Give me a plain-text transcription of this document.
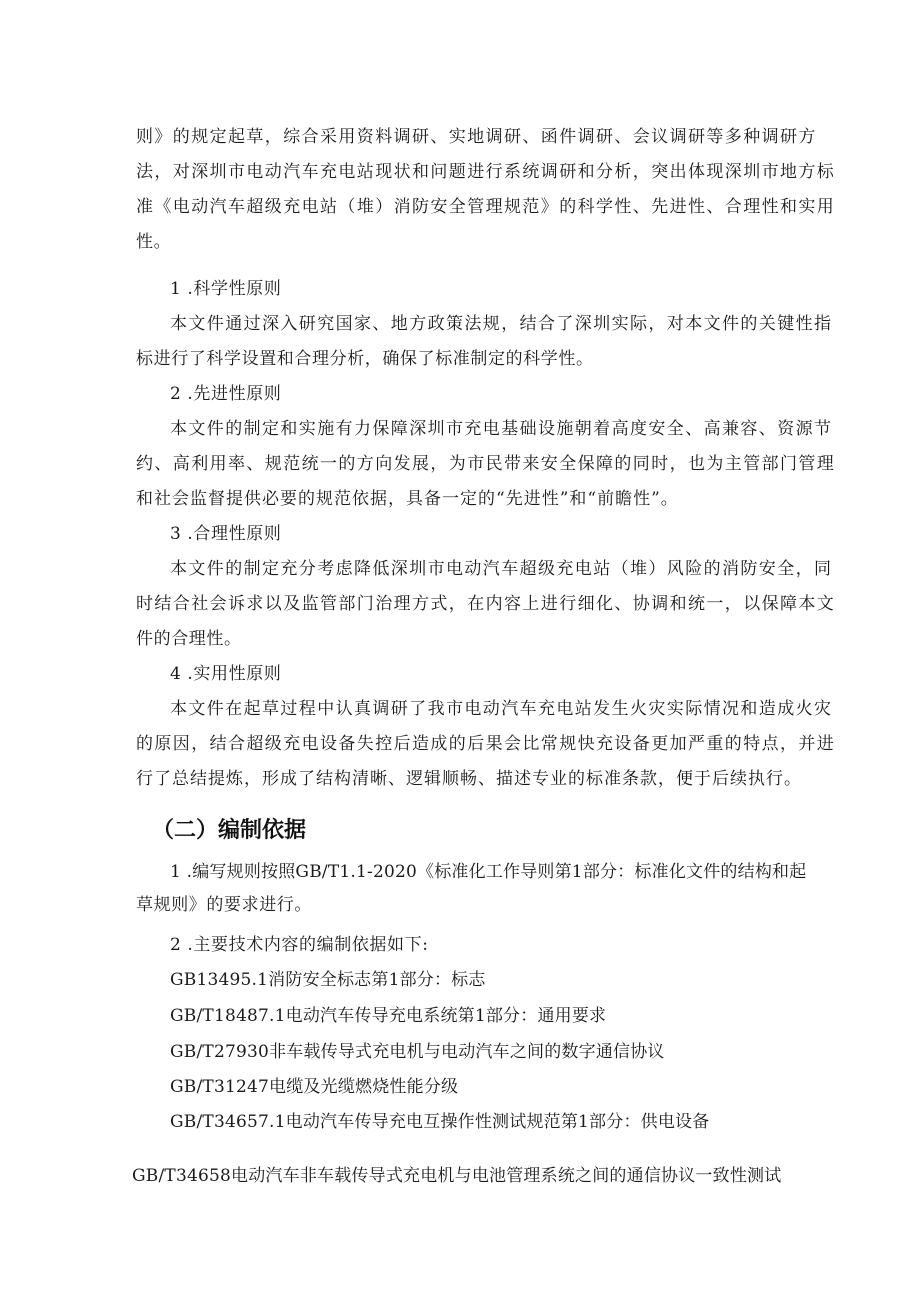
则》的规定起草，综合采用资料调研、实地调研、函件调研、会议调研等多种调研方
法，对深圳市电动汽车充电站现状和问题进行系统调研和分析，突出体现深圳市地方标
准《电动汽车超级充电站（堆）消防安全管理规范》的科学性、先进性、合理性和实用
性。
1 .科学性原则
本文件通过深入研究国家、地方政策法规，结合了深圳实际，对本文件的关键性指
标进行了科学设置和合理分析，确保了标准制定的科学性。
2 .先进性原则
本文件的制定和实施有力保障深圳市充电基础设施朝着高度安全、高兼容、资源节
约、高利用率、规范统一的方向发展，为市民带来安全保障的同时，也为主管部门管理
和社会监督提供必要的规范依据，具备一定的“先进性”和“前瞻性”。
3 .合理性原则
本文件的制定充分考虑降低深圳市电动汽车超级充电站（堆）风险的消防安全，同
时结合社会诉求以及监管部门治理方式，在内容上进行细化、协调和统一，以保障本文
件的合理性。
4 .实用性原则
本文件在起草过程中认真调研了我市电动汽车充电站发生火灾实际情况和造成火灾
的原因，结合超级充电设备失控后造成的后果会比常规快充设备更加严重的特点，并进
行了总结提炼，形成了结构清晰、逻辑顺畅、描述专业的标准条款，便于后续执行。
（二）编制依据
1 .编写规则按照GB/T1.1-2020《标准化工作导则第1部分：标准化文件的结构和起
草规则》的要求进行。
2 .主要技术内容的编制依据如下:
GB13495.1消防安全标志第1部分：标志
GB/T18487.1电动汽车传导充电系统第1部分：通用要求
GB/T27930非车载传导式充电机与电动汽车之间的数字通信协议
GB/T31247电缆及光缆燃烧性能分级
GB/T34657.1电动汽车传导充电互操作性测试规范第1部分：供电设备
GB/T34658电动汽车非车载传导式充电机与电池管理系统之间的通信协议一致性测试
